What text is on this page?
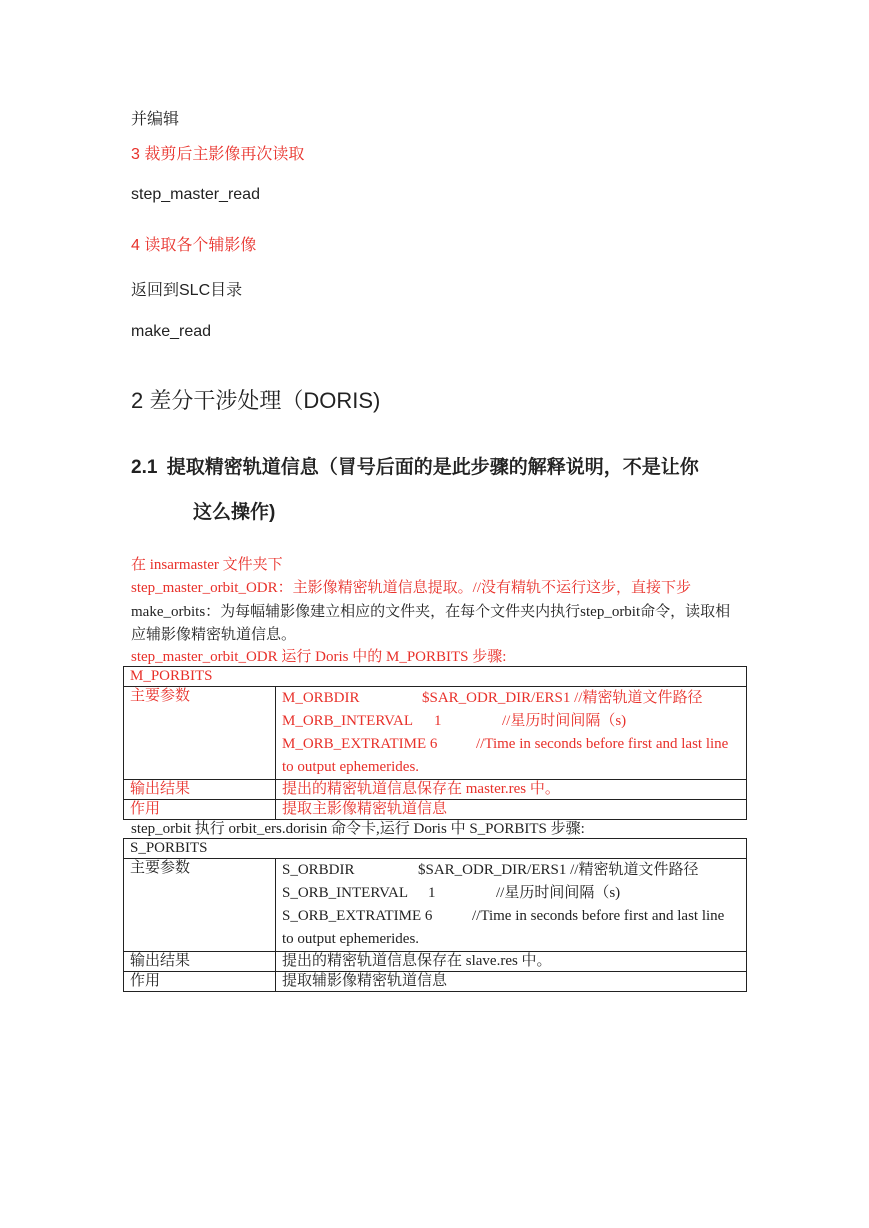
并编辑
3 裁剪后主影像再次读取
step_master_read
4 读取各个辅影像
返回到SLC目录
make_read
2 差分干涉处理（DORIS)
2.1 提取精密轨道信息（冒号后面的是此步骤的解释说明，不是让你
这么操作)
在 insarmaster 文件夹下
step_master_orbit_ODR：主影像精密轨道信息提取。//没有精轨不运行这步，直接下步
make_orbits：为每幅辅影像建立相应的文件夹，在每个文件夹内执行step_orbit命令，读取相
应辅影像精密轨道信息。
step_master_orbit_ODR 运行 Doris 中的 M_PORBITS 步骤:
M_PORBITS	
主要参数	M_ORBDIR $SAR_ODR_DIR/ERS1 //精密轨道文件路径
M_ORB_INTERVAL 1 //星历时间间隔（s)
M_ORB_EXTRATIME 6 //Time in seconds before first and last line
to output ephemerides.

输出结果	提出的精密轨道信息保存在 master.res 中。
作用	提取主影像精密轨道信息
step_orbit 执行 orbit_ers.dorisin 命令卡,运行 Doris 中 S_PORBITS 步骤:
S_PORBITS	
主要参数	S_ORBDIR $SAR_ODR_DIR/ERS1 //精密轨道文件路径
S_ORB_INTERVAL 1 //星历时间间隔（s)
S_ORB_EXTRATIME 6 //Time in seconds before first and last line
to output ephemerides.

输出结果	提出的精密轨道信息保存在 slave.res 中。
作用	提取辅影像精密轨道信息
